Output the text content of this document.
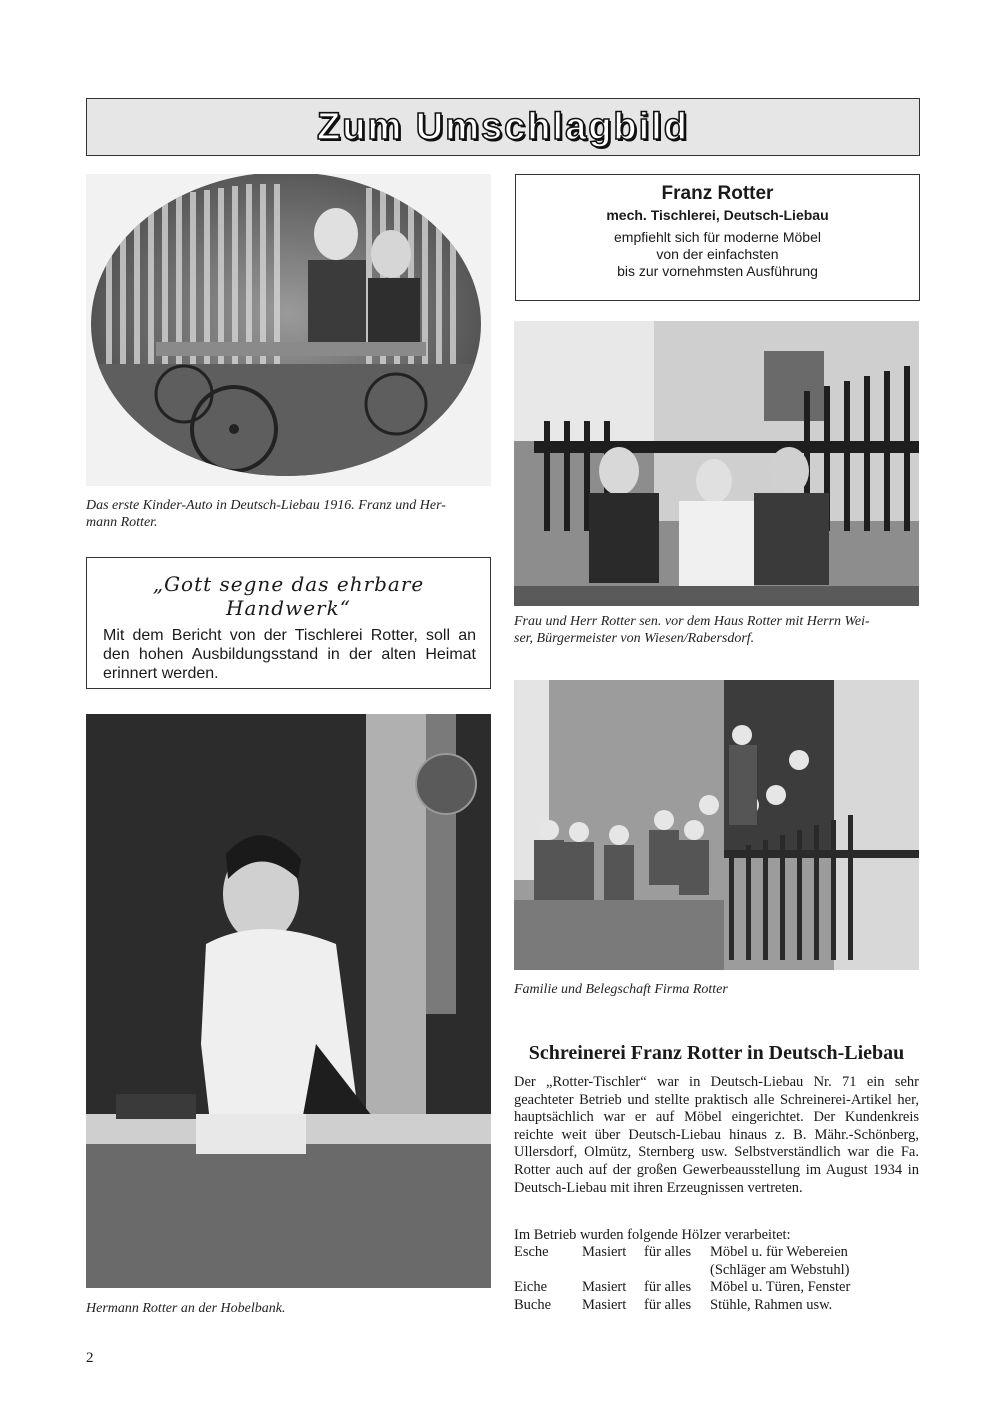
Zum Umschlagbild
Das erste Kinder-Auto in Deutsch-Liebau 1916. Franz und Her-
mann Rotter.
Franz Rotter
mech. Tischlerei, Deutsch-Liebau
empfiehlt sich für moderne Möbel
von der einfachsten
bis zur vornehmsten Ausführung
Frau und Herr Rotter sen. vor dem Haus Rotter mit Herrn Wei-
ser, Bürgermeister von Wiesen/Rabersdorf.
„Gott segne das ehrbare Handwerk“
Mit dem Bericht von der Tischlerei Rotter, soll an den hohen Ausbildungsstand in der alten Heimat erinnert werden.
Familie und Belegschaft Firma Rotter
Hermann Rotter an der Hobelbank.
Schreinerei Franz Rotter in Deutsch-Liebau
Der „Rotter-Tischler“ war in Deutsch-Liebau Nr. 71 ein sehr geachteter Betrieb und stellte praktisch alle Schreinerei-Artikel her, hauptsächlich war er auf Möbel eingerichtet. Der Kundenkreis reichte weit über Deutsch-Liebau hinaus z. B. Mähr.-Schönberg, Ullersdorf, Olmütz, Sternberg usw. Selbstverständlich war die Fa. Rotter auch auf der großen Gewerbeausstellung im August 1934 in Deutsch-Liebau mit ihren Erzeugnissen vertreten.
Im Betrieb wurden folgende Hölzer verarbeitet:
Esche	Masiert	für alles	Möbel u. für Webereien
(Schläger am Webstuhl)

Eiche	Masiert	für alles	Möbel u. Türen, Fenster
Buche	Masiert	für alles	Stühle, Rahmen usw.
2
